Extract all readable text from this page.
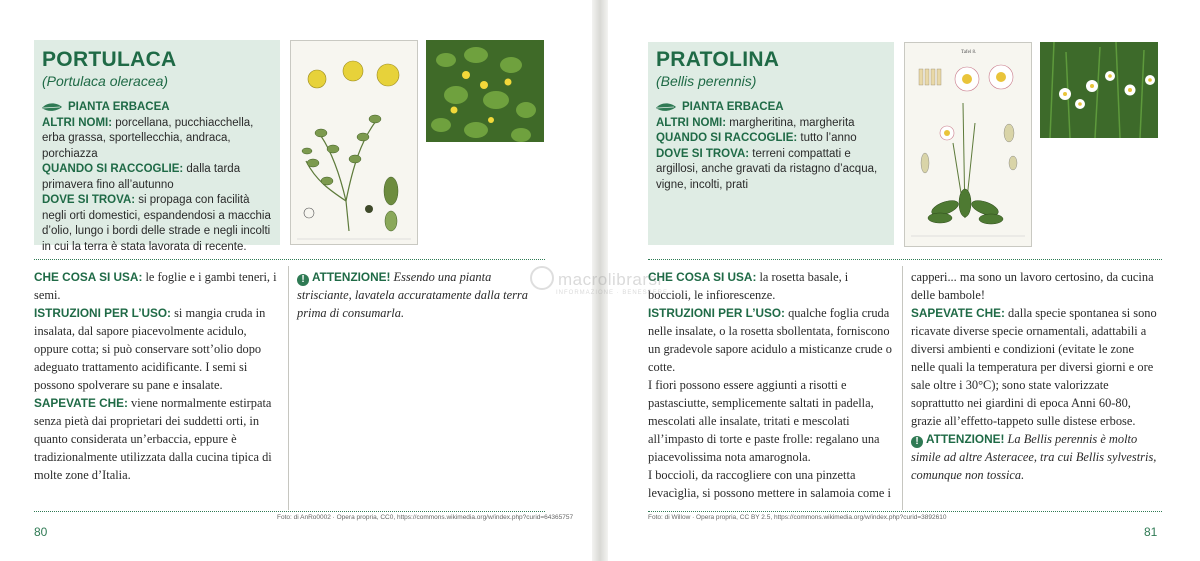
PORTULACA
(Portulaca oleracea)
PIANTA ERBACEA
ALTRI NOMI: porcellana, pucchiacchella, erba grassa, sportellecchia, andraca, porchiazza
QUANDO SI RACCOGLIE: dalla tarda primavera fino all’autunno
DOVE SI TROVA: si propaga con facilità negli orti domestici, espandendosi a macchia d’olio, lungo i bordi delle strade e negli incolti in cui la terra è stata lavorata di recente.
CHE COSA SI USA: le foglie e i gambi teneri, i semi.
ISTRUZIONI PER L’USO: si mangia cruda in insalata, dal sapore piacevolmente acidulo, oppure cotta; si può conservare sott’olio dopo adeguato trattamento acidificante. I semi si possono spolverare su pane e insalate.
SAPEVATE CHE: viene normalmente estirpata senza pietà dai proprietari dei suddetti orti, in quanto considerata un’erbaccia, eppure è tradizionalmente utilizzata dalla cucina tipica di molte zone d’Italia.
! ATTENZIONE! Essendo una pianta strisciante, lavatela accuratamente dalla terra prima di consumarla.
Foto: di AnRo0002 · Opera propria, CC0, https://commons.wikimedia.org/w/index.php?curid=64365757
80
PRATOLINA
(Bellis perennis)
PIANTA ERBACEA
ALTRI NOMI: margheritina, margherita
QUANDO SI RACCOGLIE: tutto l’anno
DOVE SI TROVA: terreni compattati e argillosi, anche gravati da ristagno d’acqua, vigne, incolti, prati
Tafel 8.
CHE COSA SI USA: la rosetta basale, i boccioli, le infiorescenze.
ISTRUZIONI PER L’USO: qualche foglia cruda nelle insalate, o la rosetta sbollentata, forniscono un gradevole sapore acidulo a misticanze crude o cotte.
I fiori possono essere aggiunti a risotti e pastasciutte, semplicemente saltati in padella, mescolati alle insalate, tritati e mescolati all’impasto di torte e paste frolle: regalano una piacevolissima nota amarognola.
I boccioli, da raccogliere con una pinzetta levacìglia, si possono mettere in salamoia come i
capperi... ma sono un lavoro certosino, da cucina delle bambole!
SAPEVATE CHE: dalla specie spontanea si sono ricavate diverse specie ornamentali, adattabili a diversi ambienti e condizioni (evitate le zone nelle quali la temperatura per diversi giorni e ore sale oltre i 30°C); sono state valorizzate soprattutto nei giardini di epoca Anni 60-80, grazie all’effetto-tappeto sulle distese erbose.
! ATTENZIONE! La Bellis perennis è molto simile ad altre Asteracee, tra cui Bellis sylvestris, comunque non tossica.
Foto: di Willow · Opera propria, CC BY 2.5, https://commons.wikimedia.org/w/index.php?curid=3892610
81
macrolibrarsi
INFORMAZIONE · BENESSERE
